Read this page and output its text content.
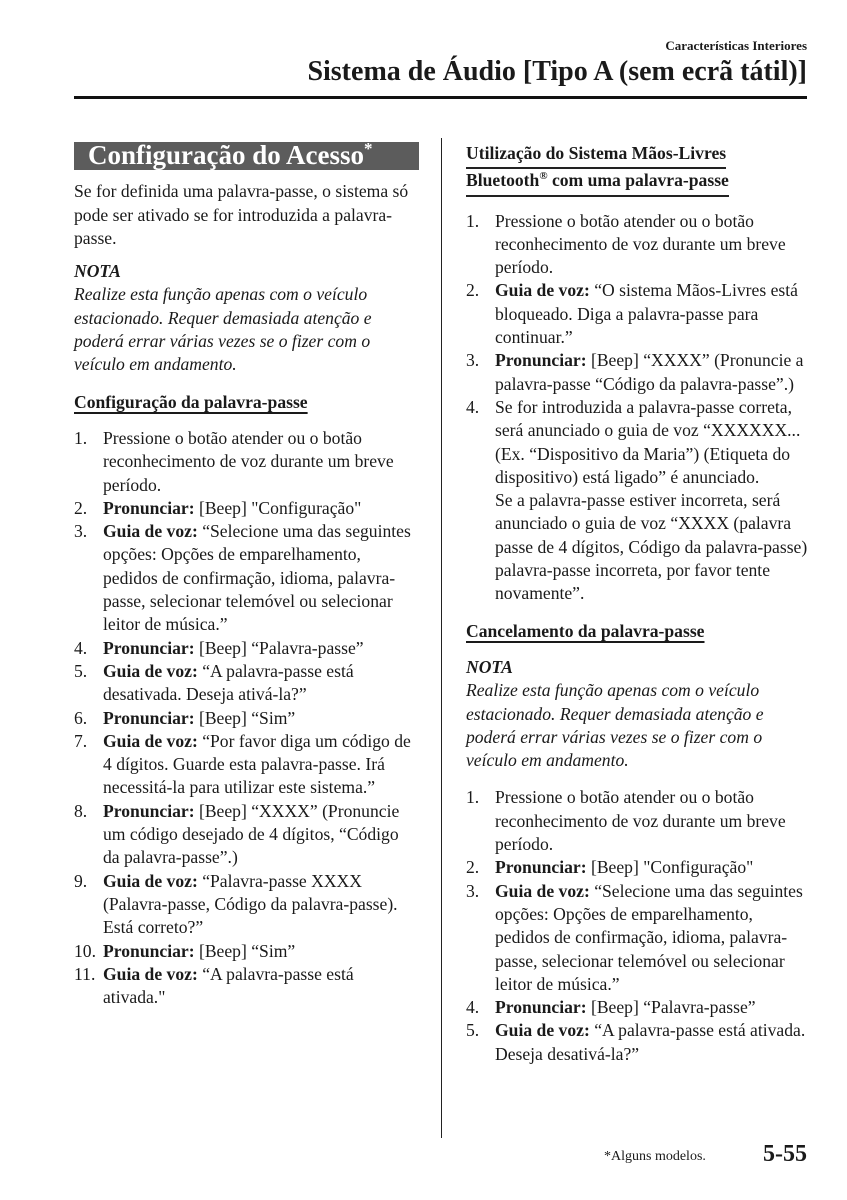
Características Interiores
Sistema de Áudio [Tipo A (sem ecrã tátil)]
Configuração do Acesso*

Se for definida uma palavra-passe, o sistema só pode ser ativado se for introduzida a palavra-passe.

NOTA

Realize esta função apenas com o veículo estacionado. Requer demasiada atenção e poderá errar várias vezes se o fizer com o veículo em andamento.

Configuração da palavra-passe

1. Pressione o botão atender ou o botão reconhecimento de voz durante um breve período.
2. Pronunciar: [Beep] "Configuração"
3. Guia de voz: “Selecione uma das seguintes opções: Opções de emparelhamento, pedidos de confirmação, idioma, palavra-passe, selecionar telemóvel ou selecionar leitor de música.”
4. Pronunciar: [Beep] “Palavra-passe”
5. Guia de voz: “A palavra-passe está desativada. Deseja ativá-la?”
6. Pronunciar: [Beep] “Sim”
7. Guia de voz: “Por favor diga um código de 4 dígitos. Guarde esta palavra-passe. Irá necessitá-la para utilizar este sistema.”
8. Pronunciar: [Beep] “XXXX” (Pronuncie um código desejado de 4 dígitos, “Código da palavra-passe”.)
9. Guia de voz: “Palavra-passe XXXX (Palavra-passe, Código da palavra-passe). Está correto?”
10. Pronunciar: [Beep] “Sim”
11. Guia de voz: “A palavra-passe está ativada."
Utilização do Sistema Mãos-Livres
Bluetooth® com uma palavra-passe
1. Pressione o botão atender ou o botão reconhecimento de voz durante um breve período.
2. Guia de voz: “O sistema Mãos-Livres está bloqueado. Diga a palavra-passe para continuar.”
3. Pronunciar: [Beep] “XXXX” (Pronuncie a palavra-passe “Código da palavra-passe”.)
4. Se for introduzida a palavra-passe correta, será anunciado o guia de voz “XXXXXX... (Ex. “Dispositivo da Maria”) (Etiqueta do dispositivo) está ligado” é anunciado.
Se a palavra-passe estiver incorreta, será anunciado o guia de voz “XXXX (palavra passe de 4 dígitos, Código da palavra-passe) palavra-passe incorreta, por favor tente novamente”.

Cancelamento da palavra-passe

NOTA

Realize esta função apenas com o veículo estacionado. Requer demasiada atenção e poderá errar várias vezes se o fizer com o veículo em andamento.

1. Pressione o botão atender ou o botão reconhecimento de voz durante um breve período.
2. Pronunciar: [Beep] "Configuração"
3. Guia de voz: “Selecione uma das seguintes opções: Opções de emparelhamento, pedidos de confirmação, idioma, palavra-passe, selecionar telemóvel ou selecionar leitor de música.”
4. Pronunciar: [Beep] “Palavra-passe”
5. Guia de voz: “A palavra-passe está ativada. Deseja desativá-la?”
*Alguns modelos. 5-55
